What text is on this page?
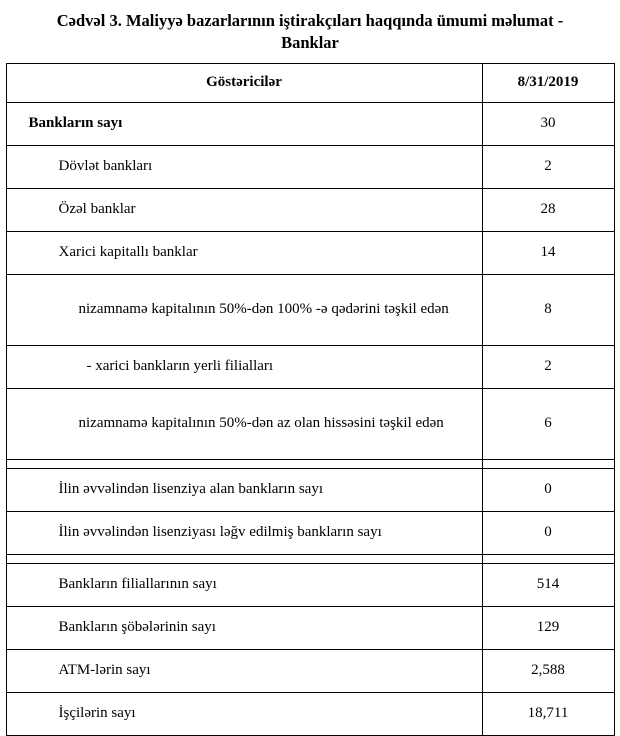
Cədvəl 3. Maliyyə bazarlarının iştirakçıları haqqında ümumi məlumat - Banklar
Göstəricilər	8/31/2019
Bankların sayı	30
Dövlət bankları	2
Özəl banklar	28
Xarici kapitallı banklar	14
nizamnamə kapitalının 50%-dən 100% -ə qədərini təşkil edən	8
- xarici bankların yerli filialları	2
nizamnamə kapitalının 50%-dən az olan hissəsini təşkil edən	6

İlin əvvəlindən lisenziya alan bankların sayı	0
İlin əvvəlindən lisenziyası ləğv edilmiş bankların sayı	0

Bankların filiallarının sayı	514
Bankların şöbələrinin sayı	129
ATM-lərin sayı	2,588
İşçilərin sayı	18,711
